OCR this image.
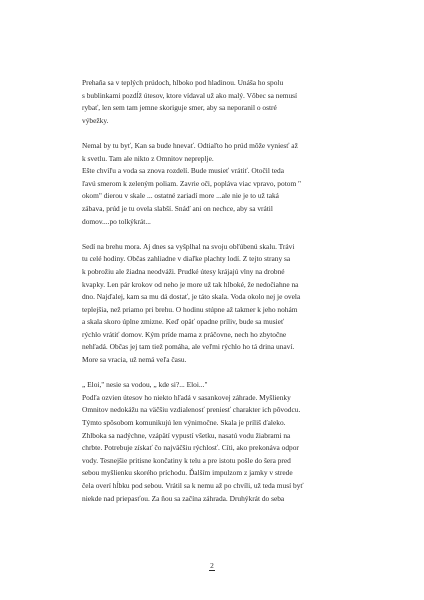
Prehaňa sa v teplých prúdoch, hlboko pod hladinou. Unáša ho spolu
s bublinkami pozdĺž útesov, ktore vídaval už ako malý. Vôbec sa nemusí
rybať, len sem tam jemne skoriguje smer, aby sa neporanil o ostré
výbežky.

Nemal by tu byť, Kan sa bude hnevať. Odtiaľto ho prúd môže vyniesť až
k svetlu. Tam ale nikto z Omnitov nepreplje.
Ešte chvíľu a voda sa znova rozdelí. Bude musieť vrátiť. Otočil teda
ľavú smerom k zeleným poliam. Zavrie oči, popláva viac vpravo, potom "
okom" dierou v skale ... ostatné zariadí more ...ale nie je to už taká
zábava, prúd je tu ovela slabší. Snáď ani on nechce, aby sa vrátil
domov....po tolkýkrát...

Sedí na brehu mora. Aj dnes sa vyšplhal na svoju obľúbenú skalu. Trávi
tu celé hodiny. Občas zahliadne v diaľke plachty lodí. Z tejto strany sa
k pobrožiu ale žiadna neodváži. Prudké útesy krájajú vlny na drobné
kvapky. Len pár krokov od neho je more už tak hlboké, že nedočiahne na
dno. Najďalej, kam sa mu dá dostať, je táto skala. Voda okolo nej je ovela
teplejšia, než priamo pri brehu. O hodinu stúpne až takmer k jeho nohám
a skala skoro úplne zmizne. Keď opäť opadne príliv, bude sa musieť
rýchlo vrátiť domov. Kým príde mama z práčovne, nech ho zbytočne
nehľadá. Občas jej tam tiež pomáha, ale veľmi rýchlo ho tá drina unaví.
More sa vracia, už nemá veľa času.

„ Eloi," nesie sa vodou, „ kde si?... Eloi..."
Podľa ozvien útesov ho niekto hľadá v sasankovej záhrade. Myšlienky
Omnitov nedokážu na väčšiu vzdialenosť preniesť charakter ich pôvodcu.
Týmto spôsobom komunikujú len výnimočne. Skala je príliš ďaleko.
Zhlboka sa nadýchne, vzápätí vypustí všetku, nasatú vodu žiabrami na
chrbte. Potrebuje získať čo najväčšiu rýchlosť. Cíti, ako prekonáva odpor
vody. Tesnejšie pritisne končatiny k telu a pre istotu pošle do šera pred
sebou myšlienku skorého príchodu. Ďalším impulzom z jamky v strede
čela overí hĺbku pod sebou. Vrátil sa k nemu až po chvíli, už teda musí byť
niekde nad priepasťou. Za ňou sa začína záhrada. Druhýkrát do seba

2
